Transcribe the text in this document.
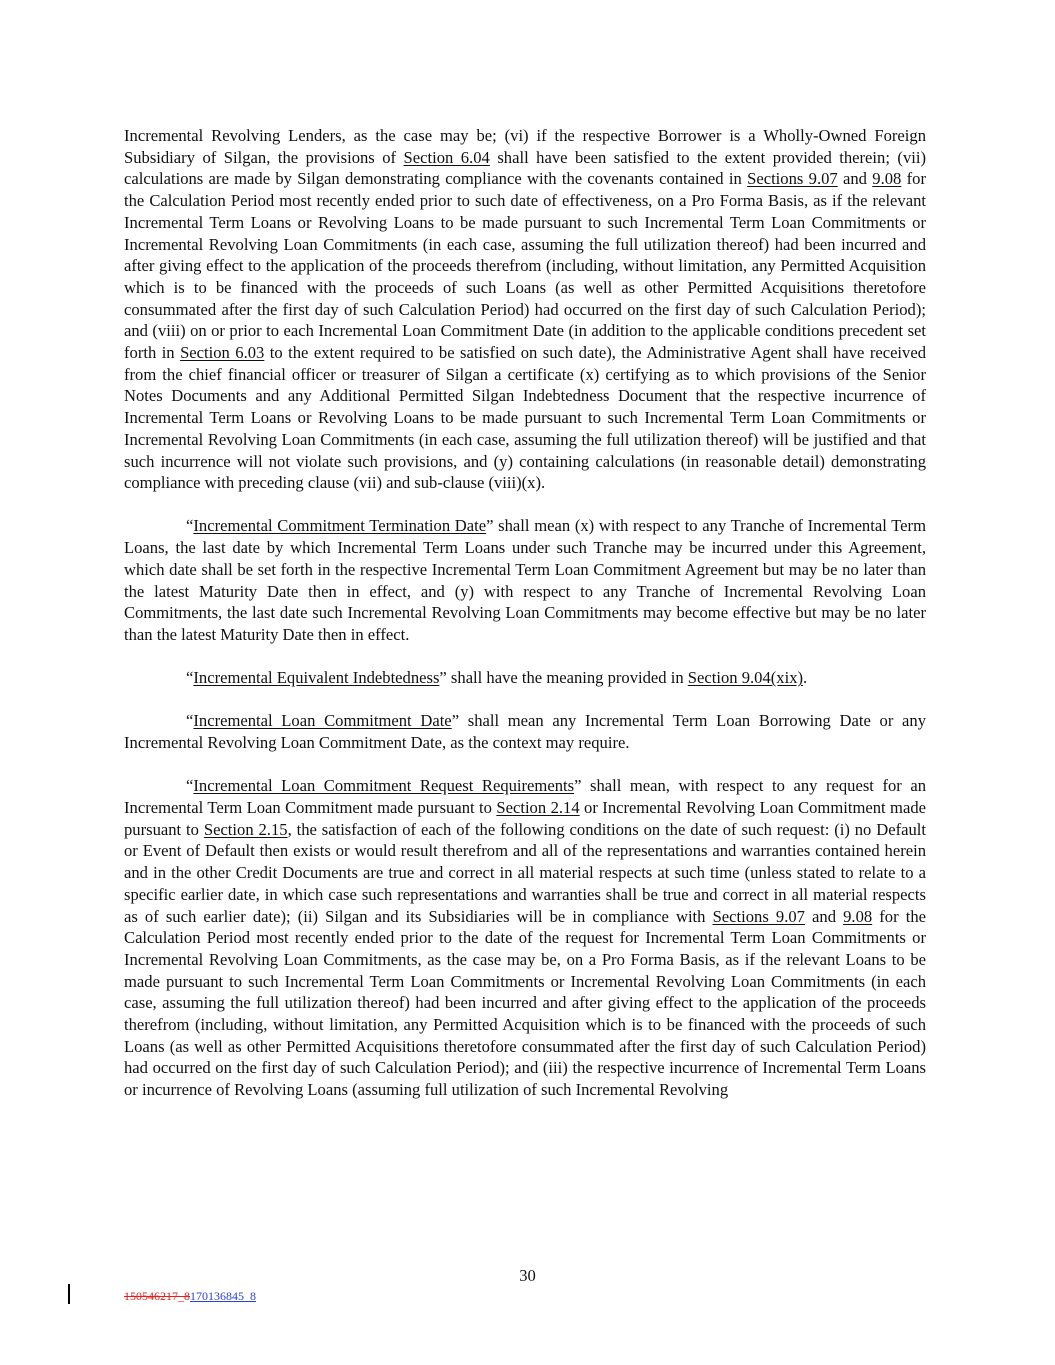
Incremental Revolving Lenders, as the case may be; (vi) if the respective Borrower is a Wholly-Owned Foreign Subsidiary of Silgan, the provisions of Section 6.04 shall have been satisfied to the extent provided therein; (vii) calculations are made by Silgan demonstrating compliance with the covenants contained in Sections 9.07 and 9.08 for the Calculation Period most recently ended prior to such date of effectiveness, on a Pro Forma Basis, as if the relevant Incremental Term Loans or Revolving Loans to be made pursuant to such Incremental Term Loan Commitments or Incremental Revolving Loan Commitments (in each case, assuming the full utilization thereof) had been incurred and after giving effect to the application of the proceeds therefrom (including, without limitation, any Permitted Acquisition which is to be financed with the proceeds of such Loans (as well as other Permitted Acquisitions theretofore consummated after the first day of such Calculation Period) had occurred on the first day of such Calculation Period); and (viii) on or prior to each Incremental Loan Commitment Date (in addition to the applicable conditions precedent set forth in Section 6.03 to the extent required to be satisfied on such date), the Administrative Agent shall have received from the chief financial officer or treasurer of Silgan a certificate (x) certifying as to which provisions of the Senior Notes Documents and any Additional Permitted Silgan Indebtedness Document that the respective incurrence of Incremental Term Loans or Revolving Loans to be made pursuant to such Incremental Term Loan Commitments or Incremental Revolving Loan Commitments (in each case, assuming the full utilization thereof) will be justified and that such incurrence will not violate such provisions, and (y) containing calculations (in reasonable detail) demonstrating compliance with preceding clause (vii) and sub-clause (viii)(x).

“Incremental Commitment Termination Date” shall mean (x) with respect to any Tranche of Incremental Term Loans, the last date by which Incremental Term Loans under such Tranche may be incurred under this Agreement, which date shall be set forth in the respective Incremental Term Loan Commitment Agreement but may be no later than the latest Maturity Date then in effect, and (y) with respect to any Tranche of Incremental Revolving Loan Commitments, the last date such Incremental Revolving Loan Commitments may become effective but may be no later than the latest Maturity Date then in effect.

“Incremental Equivalent Indebtedness” shall have the meaning provided in Section 9.04(xix).

“Incremental Loan Commitment Date” shall mean any Incremental Term Loan Borrowing Date or any Incremental Revolving Loan Commitment Date, as the context may require.

“Incremental Loan Commitment Request Requirements” shall mean, with respect to any request for an Incremental Term Loan Commitment made pursuant to Section 2.14 or Incremental Revolving Loan Commitment made pursuant to Section 2.15, the satisfaction of each of the following conditions on the date of such request: (i) no Default or Event of Default then exists or would result therefrom and all of the representations and warranties contained herein and in the other Credit Documents are true and correct in all material respects at such time (unless stated to relate to a specific earlier date, in which case such representations and warranties shall be true and correct in all material respects as of such earlier date); (ii) Silgan and its Subsidiaries will be in compliance with Sections 9.07 and 9.08 for the Calculation Period most recently ended prior to the date of the request for Incremental Term Loan Commitments or Incremental Revolving Loan Commitments, as the case may be, on a Pro Forma Basis, as if the relevant Loans to be made pursuant to such Incremental Term Loan Commitments or Incremental Revolving Loan Commitments (in each case, assuming the full utilization thereof) had been incurred and after giving effect to the application of the proceeds therefrom (including, without limitation, any Permitted Acquisition which is to be financed with the proceeds of such Loans (as well as other Permitted Acquisitions theretofore consummated after the first day of such Calculation Period) had occurred on the first day of such Calculation Period); and (iii) the respective incurrence of Incremental Term Loans or incurrence of Revolving Loans (assuming full utilization of such Incremental Revolving

30
150546217_8170136845_8
